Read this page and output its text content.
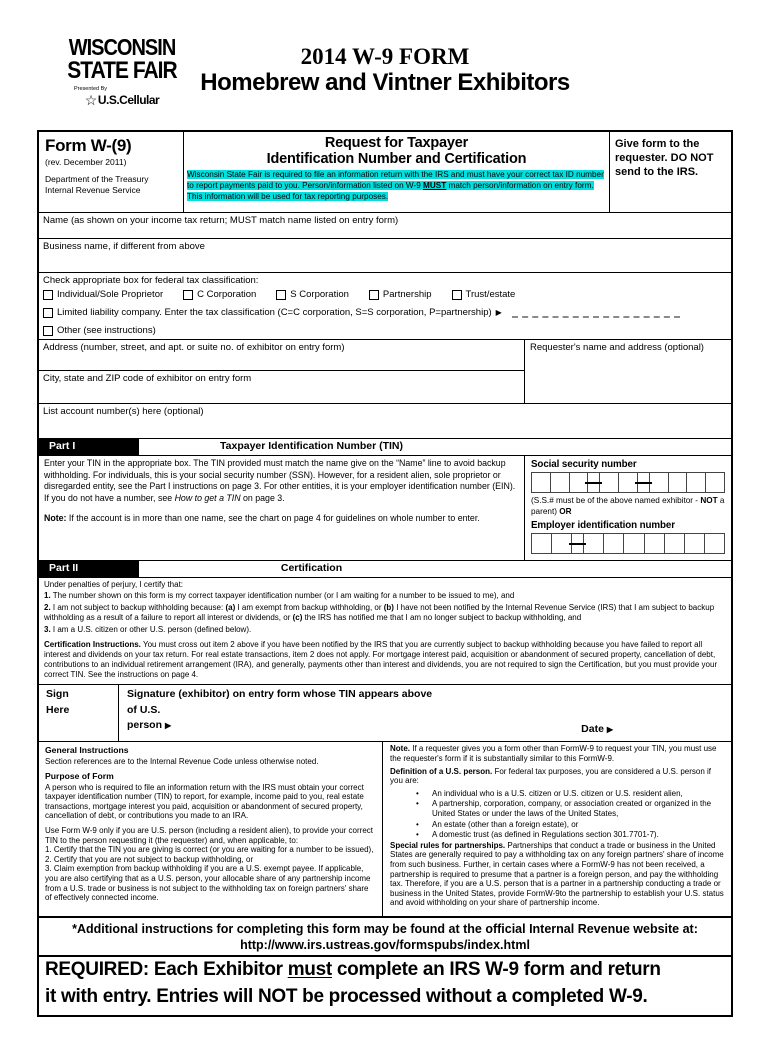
WISCONSIN
STATE FAIR
Presented By
☆ U.S.Cellular
2014 W-9 FORM
Homebrew and Vintner Exhibitors
Form W-(9)
(rev. December 2011)
Department of the Treasury
Internal Revenue Service
Request for Taxpayer
Identification Number and Certification
Wisconsin State Fair is required to file an information return with the IRS and must have your correct tax ID number to report payments paid to you. Person/information listed on W-9 MUST match person/information on entry form. This information will be used for tax reporting purposes.
Give form to the requester. DO NOT send to the IRS.
Name (as shown on your income tax return; MUST match name listed on entry form)
Business name, if different from above
Check appropriate box for federal tax classification:
Individual/Sole Proprietor	C Corporation	S Corporation	Partnership	Trust/estate
Limited liability company. Enter the tax classification (C=C corporation, S=S corporation, P=partnership) ▶
Other (see instructions)
Address (number, street, and apt. or suite no. of exhibitor on entry form)
City, state and ZIP code of exhibitor on entry form
Requester's name and address (optional)
List account number(s) here (optional)
Part I	Taxpayer Identification Number (TIN)
Enter your TIN in the appropriate box. The TIN provided must match the name give on the “Name” line to avoid backup withholding. For individuals, this is your social security number (SSN). However, for a resident alien, sole proprietor or disregarded entity, see the Part I instructions on page 3. For other entities, it is your employer identification number (EIN). If you do not have a number, see How to get a TIN on page 3.
Note: If the account is in more than one name, see the chart on page 4 for guidelines on whole number to enter.
Social security number
(S.S.# must be of the above named exhibitor - NOT a parent) OR
Employer identification number
Part II	Certification

Under penalties of perjury, I certify that:

1. The number shown on this form is my correct taxpayer identification number (or I am waiting for a number to be issued to me), and

2. I am not subject to backup withholding because: (a) I am exempt from backup withholding, or (b) I have not been notified by the Internal Revenue Service (IRS) that I am subject to backup withholding as a result of a failure to report all interest or dividends, or (c) the IRS has notified me that I am no longer subject to backup withholding, and

3. I am a U.S. citizen or other U.S. person (defined below).

Certification Instructions. You must cross out item 2 above if you have been notified by the IRS that you are currently subject to backup withholding because you have failed to report all interest and dividends on your tax return. For real estate transactions, item 2 does not apply. For mortgage interest paid, acquisition or abandonment of secured property, cancellation of debt, contributions to an individual retirement arrangement (IRA), and generally, payments other than interest and dividends, you are not required to sign the Certification, but you must provide your correct TIN. See the instructions on page 4.

Sign
Here
Signature (exhibitor) on entry form whose TIN appears above
of U.S.
person ▶	Date ▶
General Instructions

Section references are to the Internal Revenue Code unless otherwise noted.

Purpose of Form

A person who is required to file an information return with the IRS must obtain your correct taxpayer identification number (TIN) to report, for example, income paid to you, real estate transactions, mortgage interest you paid, acquisition or abandonment of secured property, cancellation of debt, or contributions you made to an IRA.

Use Form W-9 only if you are U.S. person (including a resident alien), to provide your correct TIN to the person requesting it (the requester) and, when applicable, to:

1. Certify that the TIN you are giving is correct (or you are waiting for a number to be issued),

2. Certify that you are not subject to backup withholding, or

3. Claim exemption from backup withholding if you are a U.S. exempt payee. If applicable, you are also certifying that as a U.S. person, your allocable share of any partnership income from a U.S. trade or business is not subject to the withholding tax on foreign partners' share of effectively connected income.

Note. If a requester gives you a form other than FormW-9 to request your TIN, you must use the requester's form if it is substantially similar to this FormW-9.

Definition of a U.S. person. For federal tax purposes, you are considered a U.S. person if you are:

•	An individual who is a U.S. citizen or U.S. citizen or U.S. resident alien,
•	A partnership, corporation, company, or association created or organized in the United States or under the laws of the United States,
•	An estate (other than a foreign estate), or
•	A domestic trust (as defined in Regulations section 301.7701-7).

Special rules for partnerships. Partnerships that conduct a trade or business in the United States are generally required to pay a withholding tax on any foreign partners' share of income from such business. Further, in certain cases where a FormW-9 has not been received, a partnership is required to presume that a partner is a foreign person, and pay the withholding tax. Therefore, if you are a U.S. person that is a partner in a partnership conducting a trade or business in the United States, provide FormW-9to the partnership to establish your U.S. status and avoid withholding on your share of partnership income.

*Additional instructions for completing this form may be found at the official Internal Revenue website at:
http://www.irs.ustreas.gov/formspubs/index.html
REQUIRED: Each Exhibitor must complete an IRS W-9 form and return
it with entry. Entries will NOT be processed without a completed W-9.
